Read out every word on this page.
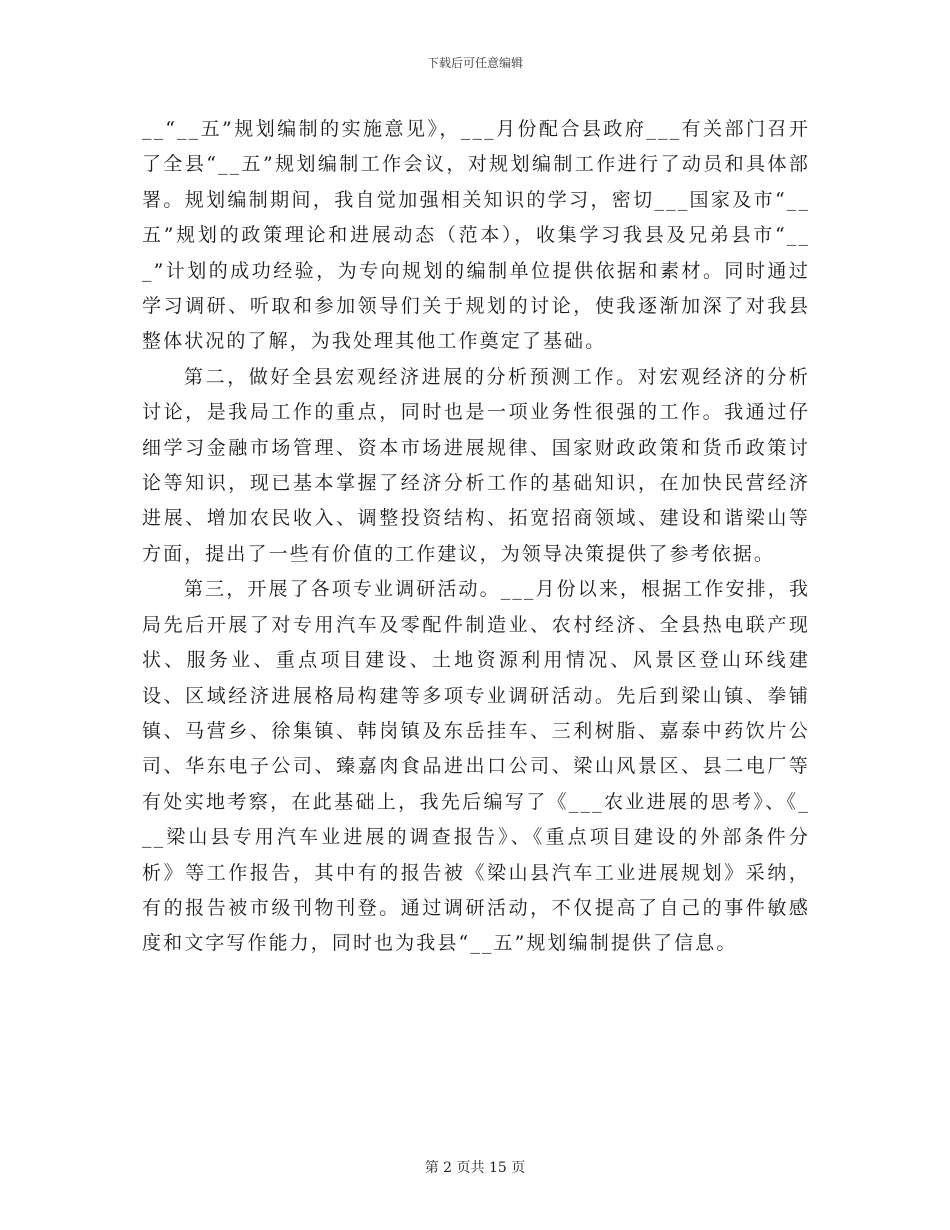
下载后可任意编辑

__“__五”规划编制的实施意见》，___月份配合县政府___有关部门召开了全县“__五”规划编制工作会议，对规划编制工作进行了动员和具体部署。规划编制期间，我自觉加强相关知识的学习，密切___国家及市“__五”规划的政策理论和进展动态（范本），收集学习我县及兄弟县市“___”计划的成功经验，为专向规划的编制单位提供依据和素材。同时通过学习调研、听取和参加领导们关于规划的讨论，使我逐渐加深了对我县整体状况的了解，为我处理其他工作奠定了基础。

第二，做好全县宏观经济进展的分析预测工作。对宏观经济的分析讨论，是我局工作的重点，同时也是一项业务性很强的工作。我通过仔细学习金融市场管理、资本市场进展规律、国家财政政策和货币政策讨论等知识，现已基本掌握了经济分析工作的基础知识，在加快民营经济进展、增加农民收入、调整投资结构、拓宽招商领域、建设和谐梁山等方面，提出了一些有价值的工作建议，为领导决策提供了参考依据。

第三，开展了各项专业调研活动。___月份以来，根据工作安排，我局先后开展了对专用汽车及零配件制造业、农村经济、全县热电联产现状、服务业、重点项目建设、土地资源利用情况、风景区登山环线建设、区域经济进展格局构建等多项专业调研活动。先后到梁山镇、拳铺镇、马营乡、徐集镇、韩岗镇及东岳挂车、三利树脂、嘉泰中药饮片公司、华东电子公司、臻嘉肉食品进出口公司、梁山风景区、县二电厂等有处实地考察，在此基础上，我先后编写了《___农业进展的思考》、《___梁山县专用汽车业进展的调查报告》、《重点项目建设的外部条件分析》等工作报告，其中有的报告被《梁山县汽车工业进展规划》采纳，有的报告被市级刊物刊登。通过调研活动，不仅提高了自己的事件敏感度和文字写作能力，同时也为我县“__五”规划编制提供了信息。

第 2 页共 15 页
